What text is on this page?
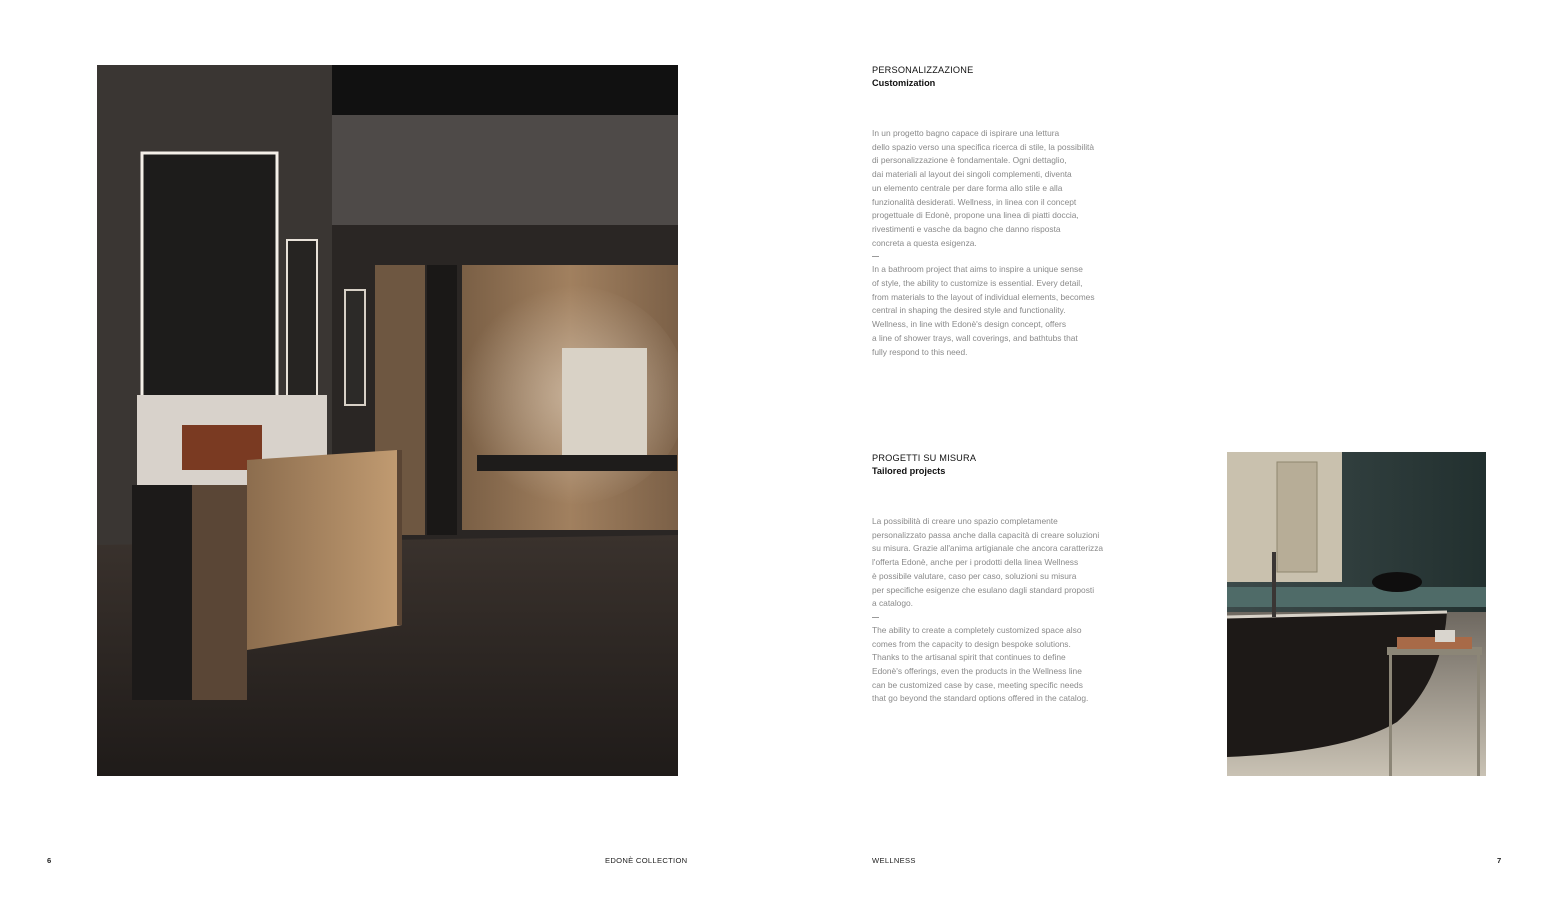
PERSONALIZZAZIONE
Customization
In un progetto bagno capace di ispirare una lettura
dello spazio verso una specifica ricerca di stile, la possibilità
di personalizzazione è fondamentale. Ogni dettaglio,
dai materiali al layout dei singoli complementi, diventa
un elemento centrale per dare forma allo stile e alla
funzionalità desiderati. Wellness, in linea con il concept
progettuale di Edonè, propone una linea di piatti doccia,
rivestimenti e vasche da bagno che danno risposta
concreta a questa esigenza.
In a bathroom project that aims to inspire a unique sense
of style, the ability to customize is essential. Every detail,
from materials to the layout of individual elements, becomes
central in shaping the desired style and functionality.
Wellness, in line with Edonè's design concept, offers
a line of shower trays, wall coverings, and bathtubs that
fully respond to this need.
PROGETTI SU MISURA
Tailored projects
La possibilità di creare uno spazio completamente
personalizzato passa anche dalla capacità di creare soluzioni
su misura. Grazie all'anima artigianale che ancora caratterizza
l'offerta Edonè, anche per i prodotti della linea Wellness
è possibile valutare, caso per caso, soluzioni su misura
per specifiche esigenze che esulano dagli standard proposti
a catalogo.
The ability to create a completely customized space also
comes from the capacity to design bespoke solutions.
Thanks to the artisanal spirit that continues to define
Edonè's offerings, even the products in the Wellness line
can be customized case by case, meeting specific needs
that go beyond the standard options offered in the catalog.
6	EDONÈ COLLECTION	WELLNESS	7
